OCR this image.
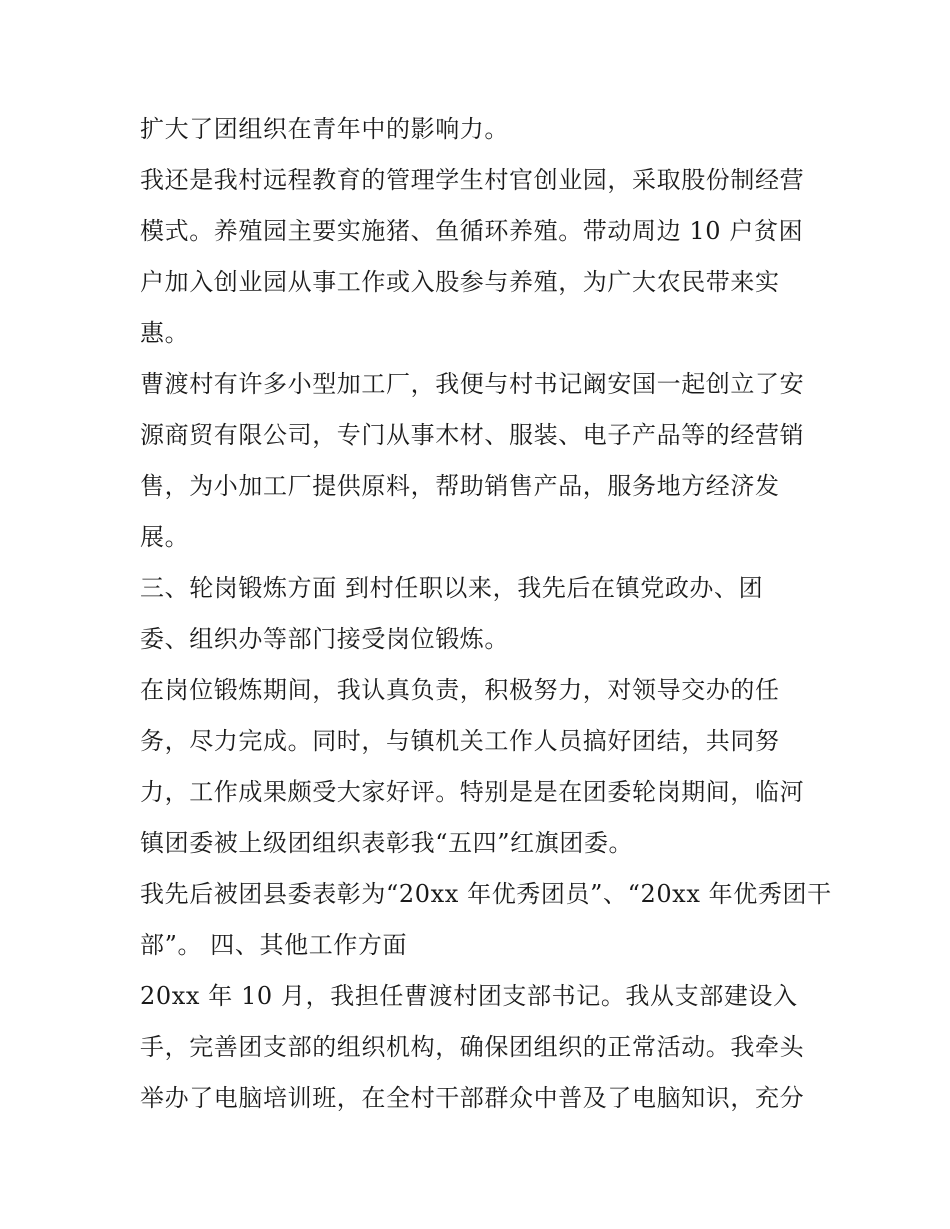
扩大了团组织在青年中的影响力。
我还是我村远程教育的管理学生村官创业园，采取股份制经营
模式。养殖园主要实施猪、鱼循环养殖。带动周边 10 户贫困
户加入创业园从事工作或入股参与养殖，为广大农民带来实
惠。
曹渡村有许多小型加工厂，我便与村书记阚安国一起创立了安
源商贸有限公司，专门从事木材、服装、电子产品等的经营销
售，为小加工厂提供原料，帮助销售产品，服务地方经济发
展。
三、轮岗锻炼方面 到村任职以来，我先后在镇党政办、团
委、组织办等部门接受岗位锻炼。
在岗位锻炼期间，我认真负责，积极努力，对领导交办的任
务，尽力完成。同时，与镇机关工作人员搞好团结，共同努
力，工作成果颇受大家好评。特别是是在团委轮岗期间，临河
镇团委被上级团组织表彰我“五四”红旗团委。
我先后被团县委表彰为“20xx 年优秀团员”、“20xx 年优秀团干
部”。 四、其他工作方面
20xx 年 10 月，我担任曹渡村团支部书记。我从支部建设入
手，完善团支部的组织机构，确保团组织的正常活动。我牵头
举办了电脑培训班，在全村干部群众中普及了电脑知识，充分
